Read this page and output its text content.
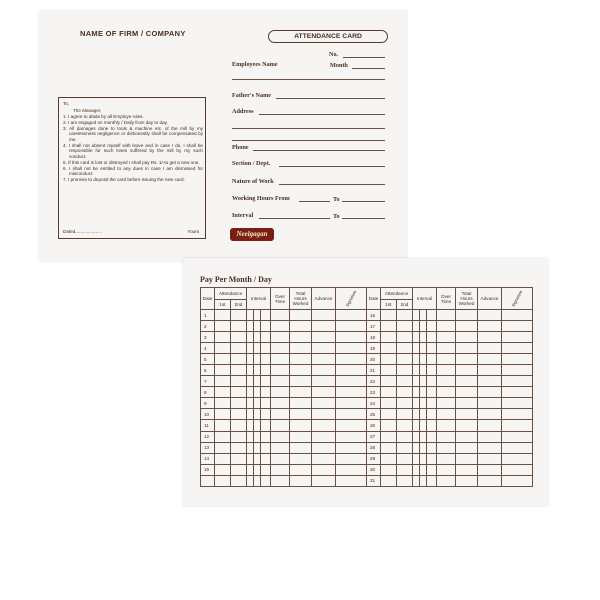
NAME OF FIRM / COMPANY	ATTENDANCE CARD
No.
Employees Name	Month
Father's Name
Address
Phone
Section / Dept.
Nature of Work
Working Hours From	To
Interval	To
Neelgagan
To,
The Manager,
1. I agree to abide by all Employe rules.
2. I am engaged on monthly / Daily from day to day.
3. All damages done to tools & machine etc. of the mill by my carelessness negligence or dishonestly shall be compensated by me.
4. I shall not absent myself with leave and in case I do, I shall be responsible for such loses suffered by the mill by my such conduct.
5. If this card is lost or distroyed I shall pay Rs. 1/-to get a new one.
6. I shall not be entitled to any dues in case I am dismissed for misconduct.
7. I promise to deposit the card before issuing the new card.
Dated.....................	Yours
Pay Per Month / Day
Date	Attendance		Interval			Over Time	Total Hours Worked	Advance	Signature
	1st	2nd							
1									
2									
3									
4									
5									
6									
7									
8									
9									
10									
11									
12									
13									
14									
15									

Date	Attendance		Interval			Over Time	Total Hours Worked	Advance	Signature
	1st	2nd							
16									
17									
18									
19									
20									
21									
22									
23									
24									
25									
26									
27									
28									
29									
30									
31									
